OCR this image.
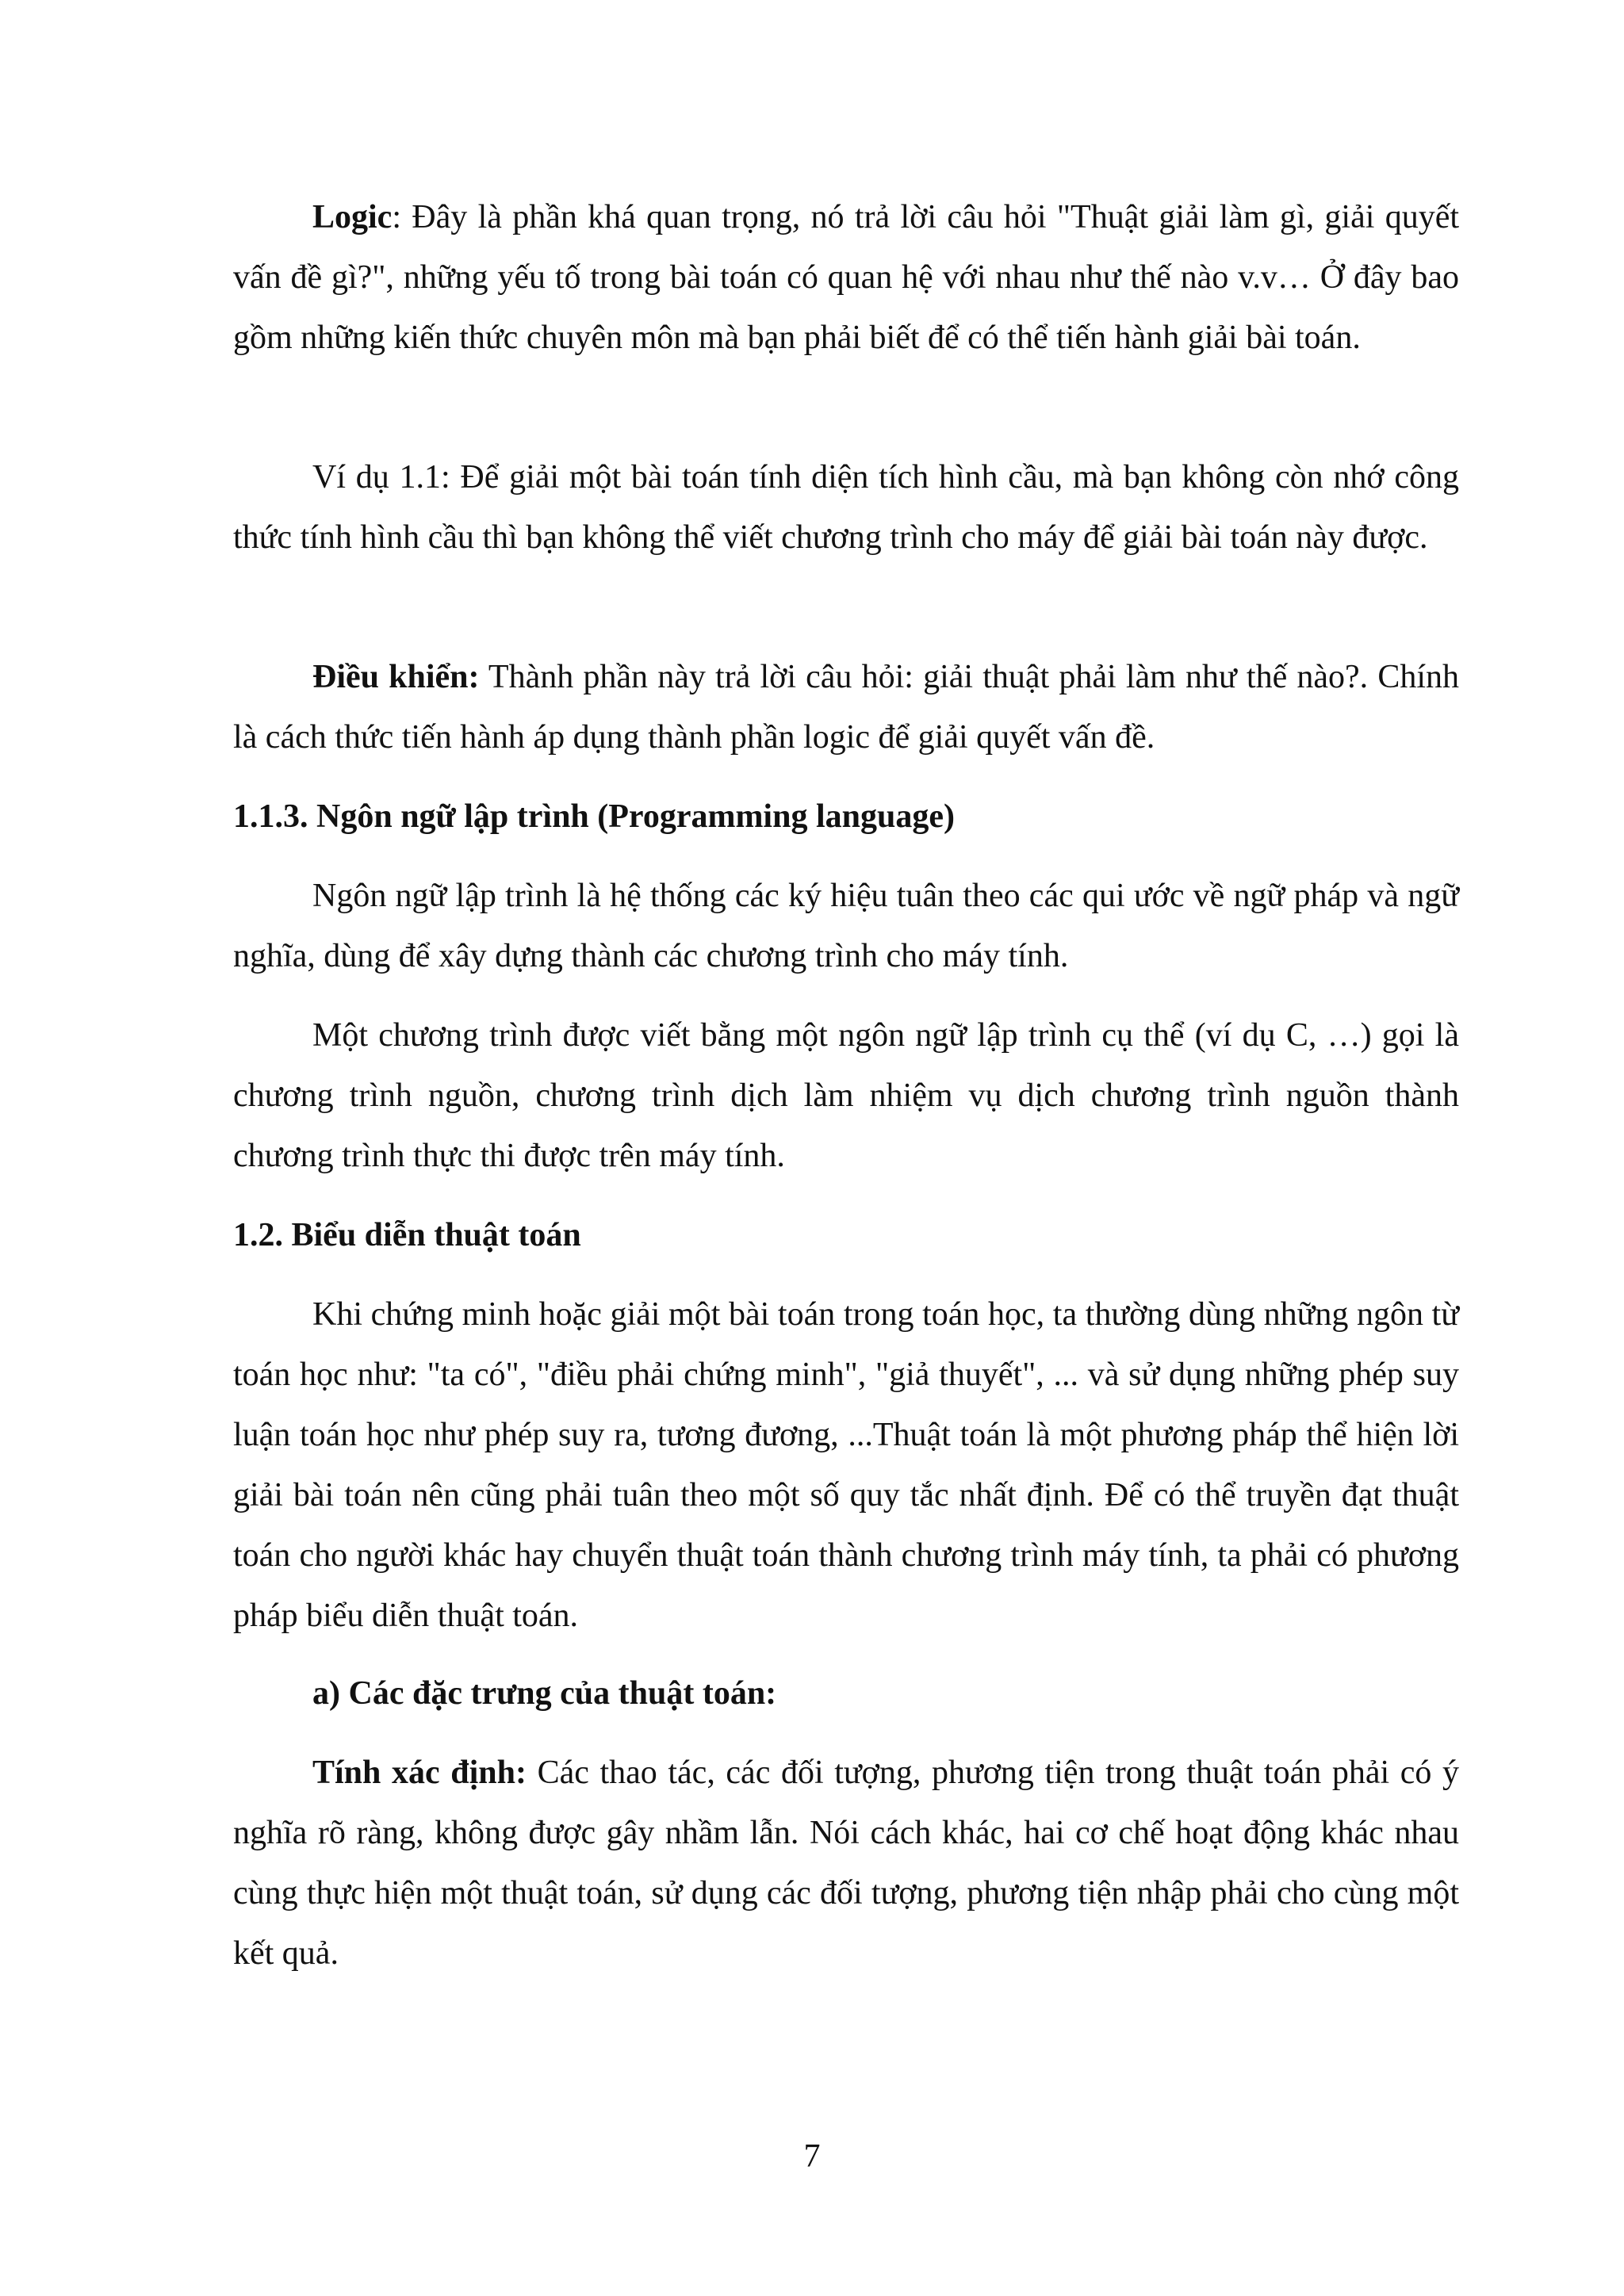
Logic: Đây là phần khá quan trọng, nó trả lời câu hỏi "Thuật giải làm gì, giải quyết vấn đề gì?", những yếu tố trong bài toán có quan hệ với nhau như thế nào v.v… Ở đây bao gồm những kiến thức chuyên môn mà bạn phải biết để có thể tiến hành giải bài toán.

Ví dụ 1.1: Để giải một bài toán tính diện tích hình cầu, mà bạn không còn nhớ công thức tính hình cầu thì bạn không thể viết chương trình cho máy để giải bài toán này được.

Điều khiển: Thành phần này trả lời câu hỏi: giải thuật phải làm như thế nào?. Chính là cách thức tiến hành áp dụng thành phần logic để giải quyết vấn đề.

1.1.3. Ngôn ngữ lập trình (Programming language)

Ngôn ngữ lập trình là hệ thống các ký hiệu tuân theo các qui ước về ngữ pháp và ngữ nghĩa, dùng để xây dựng thành các chương trình cho máy tính.

Một chương trình được viết bằng một ngôn ngữ lập trình cụ thể (ví dụ C, …) gọi là chương trình nguồn, chương trình dịch làm nhiệm vụ dịch chương trình nguồn thành chương trình thực thi được trên máy tính.

1.2. Biểu diễn thuật toán

Khi chứng minh hoặc giải một bài toán trong toán học, ta thường dùng những ngôn từ toán học như: "ta có", "điều phải chứng minh", "giả thuyết", ... và sử dụng những phép suy luận toán học như phép suy ra, tương đương, ...Thuật toán là một phương pháp thể hiện lời giải bài toán nên cũng phải tuân theo một số quy tắc nhất định. Để có thể truyền đạt thuật toán cho người khác hay chuyển thuật toán thành chương trình máy tính, ta phải có phương pháp biểu diễn thuật toán.

a) Các đặc trưng của thuật toán:

Tính xác định: Các thao tác, các đối tượng, phương tiện trong thuật toán phải có ý nghĩa rõ ràng, không được gây nhầm lẫn. Nói cách khác, hai cơ chế hoạt động khác nhau cùng thực hiện một thuật toán, sử dụng các đối tượng, phương tiện nhập phải cho cùng một kết quả.

7
